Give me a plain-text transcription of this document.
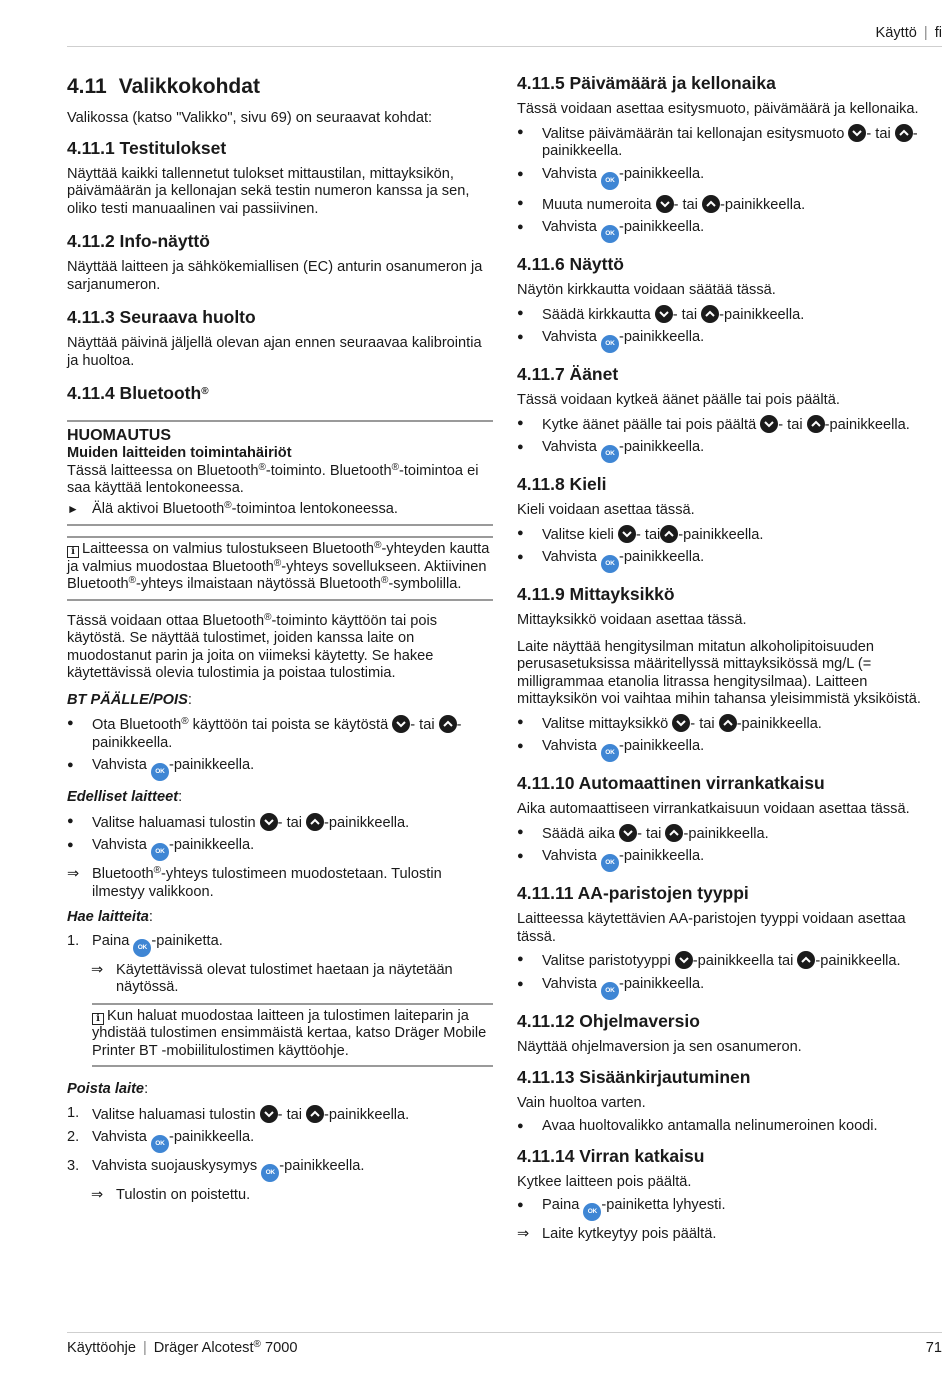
Käyttö | fi
4.11 Valikkokohdat

Valikossa (katso "Valikko", sivu 69) on seuraavat kohdat:

4.11.1 Testitulokset

Näyttää kaikki tallennetut tulokset mittaustilan, mittayksikön, päivämäärän ja kellonajan sekä testin numeron kanssa ja sen, oliko testi manuaalinen vai passiivinen.

4.11.2 Info-näyttö

Näyttää laitteen ja sähkökemiallisen (EC) anturin osanumeron ja sarjanumeron.

4.11.3 Seuraava huolto

Näyttää päivinä jäljellä olevan ajan ennen seuraavaa kalibrointia ja huoltoa.

4.11.4 Bluetooth®
HUOMAUTUS
Muiden laitteiden toimintahäiriöt
Tässä laitteessa on Bluetooth®-toiminto. Bluetooth®-toimintoa ei saa käyttää lentokoneessa.
► Älä aktivoi Bluetooth®-toimintoa lentokoneessa.
i Laitteessa on valmius tulostukseen Bluetooth®-yhteyden kautta ja valmius muodostaa Bluetooth®-yhteys sovellukseen. Aktiivinen Bluetooth®-yhteys ilmaistaan näytössä Bluetooth®-symbolilla.

Tässä voidaan ottaa Bluetooth®-toiminto käyttöön tai pois käytöstä. Se näyttää tulostimet, joiden kanssa laite on muodostanut parin ja joita on viimeksi käytetty. Se hakee käytettävissä olevia tulostimia ja poistaa tulostimia.

BT PÄÄLLE/POIS:
● Ota Bluetooth® käyttöön tai poista se käytöstä
- tai
-painikkeella.
● Vahvista OK -painikkeella.
Edelliset laitteet:
● Valitse haluamasi tulostin
- tai
-painikkeella.
● Vahvista OK -painikkeella.
⇒ Bluetooth®-yhteys tulostimeen muodostetaan. Tulostin ilmestyy valikkoon.
Hae laitteita:
1. Paina OK -painiketta.
⇒ Käytettävissä olevat tulostimet haetaan ja näytetään näytössä.
i Kun haluat muodostaa laitteen ja tulostimen laiteparin ja yhdistää tulostimen ensimmäistä kertaa, katso Dräger Mobile Printer BT -mobiilitulostimen käyttöohje.
Poista laite:
1. Valitse haluamasi tulostin
- tai
-painikkeella.
2. Vahvista OK -painikkeella.
3. Vahvista suojauskysymys OK -painikkeella.
⇒ Tulostin on poistettu.
4.11.5 Päivämäärä ja kellonaika

Tässä voidaan asettaa esitysmuoto, päivämäärä ja kellonaika.

● Valitse päivämäärän tai kellonajan esitysmuoto
- tai
-painikkeella.
● Vahvista OK -painikkeella.
● Muuta numeroita
- tai
-painikkeella.
● Vahvista OK -painikkeella.
4.11.6 Näyttö

Näytön kirkkautta voidaan säätää tässä.

● Säädä kirkkautta
- tai
-painikkeella.
● Vahvista OK -painikkeella.
4.11.7 Äänet

Tässä voidaan kytkeä äänet päälle tai pois päältä.

● Kytke äänet päälle tai pois päältä
- tai
-painikkeella.
● Vahvista OK -painikkeella.
4.11.8 Kieli

Kieli voidaan asettaa tässä.

● Valitse kieli
- tai -painikkeella.
● Vahvista OK -painikkeella.
4.11.9 Mittayksikkö

Mittayksikkö voidaan asettaa tässä.

Laite näyttää hengitysilman mitatun alkoholipitoisuuden perusasetuksissa määritellyssä mittayksikössä mg/L (= milligrammaa etanolia litrassa hengitysilmaa). Laitteen mittayksikön voi vaihtaa mihin tahansa yleisimmistä yksiköistä.

● Valitse mittayksikkö
- tai
-painikkeella.
● Vahvista OK -painikkeella.
4.11.10 Automaattinen virrankatkaisu

Aika automaattiseen virrankatkaisuun voidaan asettaa tässä.

● Säädä aika
- tai
-painikkeella.
● Vahvista OK -painikkeella.
4.11.11 AA-paristojen tyyppi

Laitteessa käytettävien AA-paristojen tyyppi voidaan asettaa tässä.

● Valitse paristotyyppi
-painikkeella tai
-painikkeella.
● Vahvista OK -painikkeella.
4.11.12 Ohjelmaversio

Näyttää ohjelmaversion ja sen osanumeron.

4.11.13 Sisäänkirjautuminen

Vain huoltoa varten.

● Avaa huoltovalikko antamalla nelinumeroinen koodi.
4.11.14 Virran katkaisu

Kytkee laitteen pois päältä.

● Paina OK -painiketta lyhyesti.
⇒ Laite kytkeytyy pois päältä.
Käyttöohje | Dräger Alcotest® 7000	71
